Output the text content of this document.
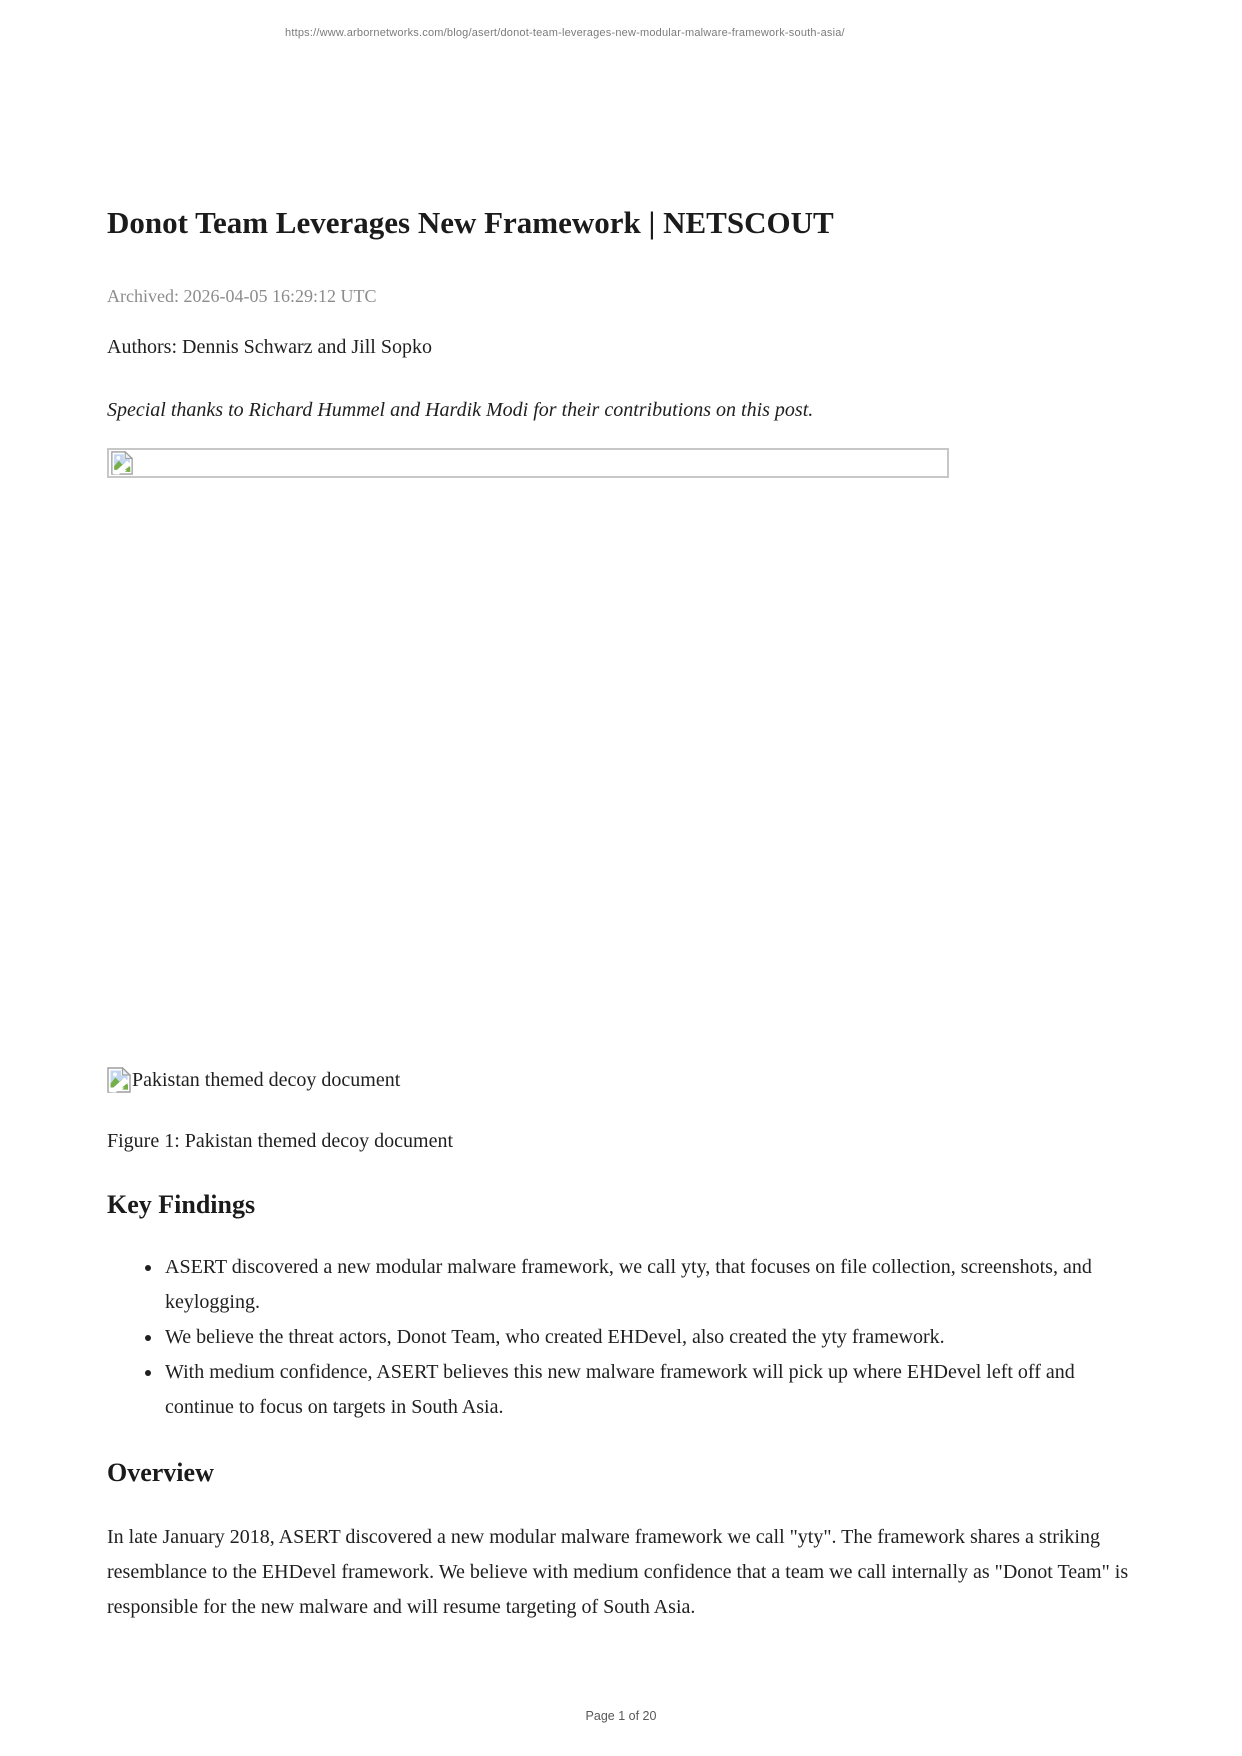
https://www.arbornetworks.com/blog/asert/donot-team-leverages-new-modular-malware-framework-south-asia/
Donot Team Leverages New Framework | NETSCOUT
Archived: 2026-04-05 16:29:12 UTC
Authors: Dennis Schwarz and Jill Sopko
Special thanks to Richard Hummel and Hardik Modi for their contributions on this post.
Pakistan themed decoy document
Figure 1: Pakistan themed decoy document
Key Findings
• ASERT discovered a new modular malware framework, we call yty, that focuses on file collection, screenshots, and keylogging.
• We believe the threat actors, Donot Team, who created EHDevel, also created the yty framework.
• With medium confidence, ASERT believes this new malware framework will pick up where EHDevel left off and continue to focus on targets in South Asia.
Overview

In late January 2018, ASERT discovered a new modular malware framework we call "yty". The framework shares a striking resemblance to the EHDevel framework. We believe with medium confidence that a team we call internally as "Donot Team" is responsible for the new malware and will resume targeting of South Asia.

Page 1 of 20
